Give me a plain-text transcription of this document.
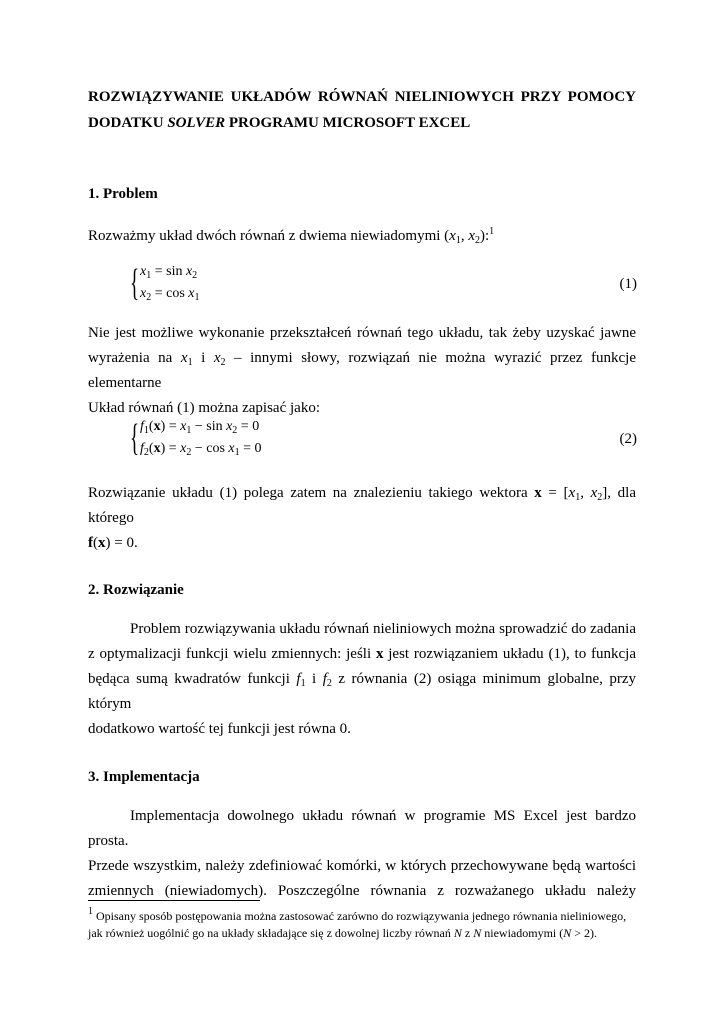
ROZWIĄZYWANIE UKŁADÓW RÓWNAŃ NIELINIOWYCH PRZY POMOCY
DODATKU SOLVER PROGRAMU MICROSOFT EXCEL
1. Problem
Rozważmy układ dwóch równań z dwiema niewiadomymi ($x_1$, $x_2):^1$
{ $x_1 = \sin x_2$
$x_2 = \cos x_1$
(1)
Nie jest możliwe wykonanie przekształceń równań tego układu, tak żeby uzyskać jawne
wyrażenia na $x_1$ i $x_2$ – innymi słowy, rozwiązań nie można wyrazić przez funkcje elementarne
Układ równań (1) można zapisać jako:
{ $f_1(x) = x_1 - \sin x_2 = 0$
$f_2(x) = x_2 - \cos x_1 = 0$
(2)
Rozwiązanie układu (1) polega zatem na znalezieniu takiego wektora $x = [x_1$, $x_2$], dla którego
f(x) = 0.
2. Rozwiązanie
Problem rozwiązywania układu równań nieliniowych można sprowadzić do zadania
z optymalizacji funkcji wielu zmiennych: jeśli x jest rozwiązaniem układu (1), to funkcja
będąca sumą kwadratów funkcji $f_1$ i $f_2$ z równania (2) osiąga minimum globalne, przy którym
dodatkowo wartość tej funkcji jest równa 0.
3. Implementacja
Implementacja dowolnego układu równań w programie MS Excel jest bardzo prosta.
Przede wszystkim, należy zdefiniować komórki, w których przechowywane będą wartości
zmiennych (niewiadomych). Poszczególne równania z rozważanego układu należy
$^1$ Opisany sposób postępowania można zastosować zarówno do rozwiązywania jednego równania nieliniowego,
jak również uogólnić go na układy składające się z dowolnej liczby równań N z N niewiadomymi (N > 2).
